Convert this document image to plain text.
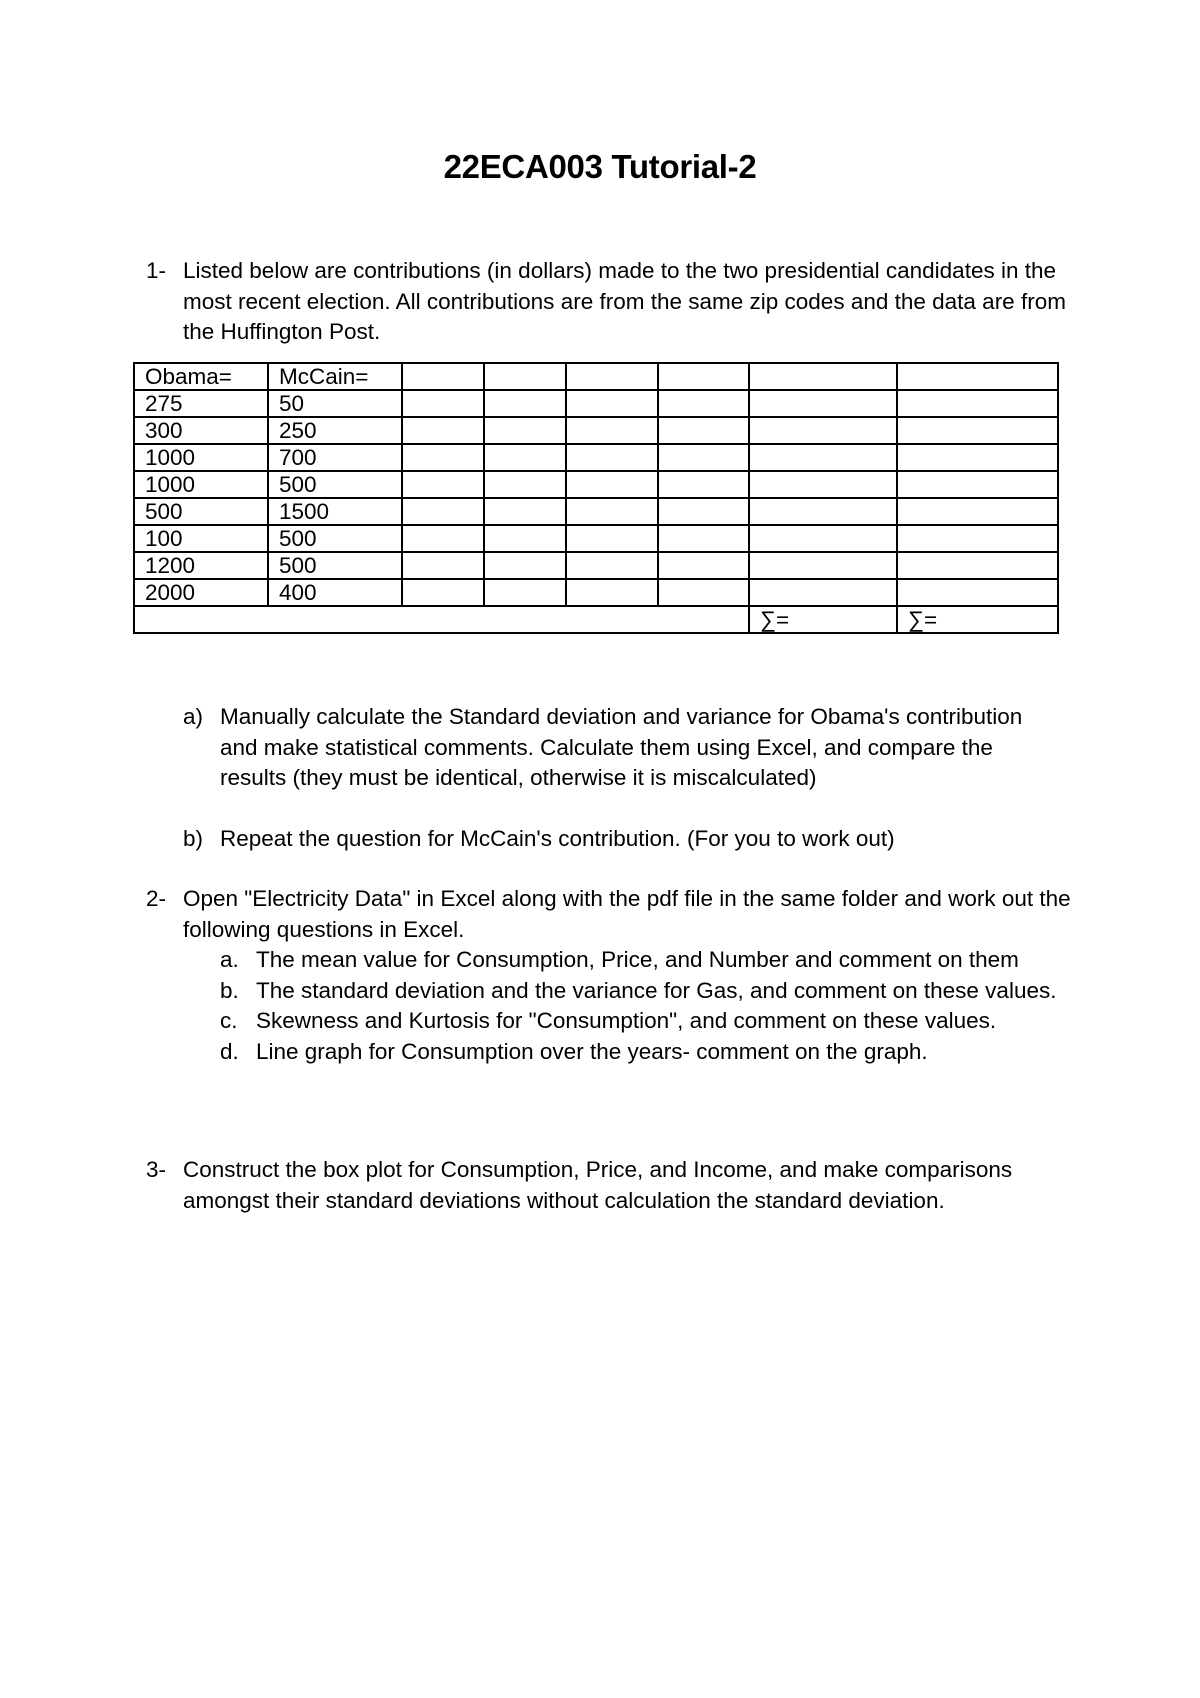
22ECA003 Tutorial-2
1- Listed below are contributions (in dollars) made to the two presidential candidates in the most recent election. All contributions are from the same zip codes and the data are from the Huffington Post.
Obama=	McCain=						
275	50						
300	250						
1000	700						
1000	500						
500	1500						
100	500						
1200	500						
2000	400						
						∑=	∑=
a) Manually calculate the Standard deviation and variance for Obama's contribution and make statistical comments. Calculate them using Excel, and compare the results (they must be identical, otherwise it is miscalculated)
b) Repeat the question for McCain's contribution. (For you to work out)
2- Open "Electricity Data" in Excel along with the pdf file in the same folder and work out the following questions in Excel.
a. The mean value for Consumption, Price, and Number and comment on them
b. The standard deviation and the variance for Gas, and comment on these values.
c. Skewness and Kurtosis for "Consumption", and comment on these values.
d. Line graph for Consumption over the years- comment on the graph.
3- Construct the box plot for Consumption, Price, and Income, and make comparisons amongst their standard deviations without calculation the standard deviation.
